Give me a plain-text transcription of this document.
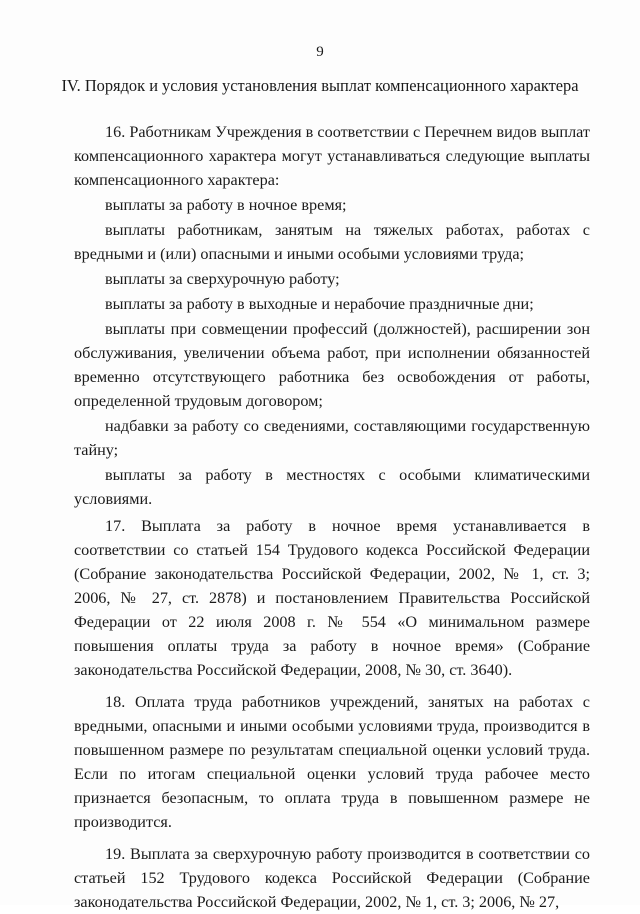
9
IV. Порядок и условия установления выплат компенсационного характера

16. Работникам Учреждения в соответствии с Перечнем видов выплат компенсационного характера могут устанавливаться следующие выплаты компенсационного характера:

выплаты за работу в ночное время;

выплаты работникам, занятым на тяжелых работах, работах с вредными и (или) опасными и иными особыми условиями труда;

выплаты за сверхурочную работу;

выплаты за работу в выходные и нерабочие праздничные дни;

выплаты при совмещении профессий (должностей), расширении зон обслуживания, увеличении объема работ, при исполнении обязанностей временно отсутствующего работника без освобождения от работы, определенной трудовым договором;

надбавки за работу со сведениями, составляющими государственную тайну;

выплаты за работу в местностях с особыми климатическими условиями.

17. Выплата за работу в ночное время устанавливается в соответствии со статьей 154 Трудового кодекса Российской Федерации (Собрание законодательства Российской Федерации, 2002, № 1, ст. 3; 2006, № 27, ст. 2878) и постановлением Правительства Российской Федерации от 22 июля 2008 г. № 554 «О минимальном размере повышения оплаты труда за работу в ночное время» (Собрание законодательства Российской Федерации, 2008, № 30, ст. 3640).

18. Оплата труда работников учреждений, занятых на работах с вредными, опасными и иными особыми условиями труда, производится в повышенном размере по результатам специальной оценки условий труда. Если по итогам специальной оценки условий труда рабочее место признается безопасным, то оплата труда в повышенном размере не производится.

19. Выплата за сверхурочную работу производится в соответствии со статьей 152 Трудового кодекса Российской Федерации (Собрание законодательства Российской Федерации, 2002, № 1, ст. 3; 2006, № 27,
